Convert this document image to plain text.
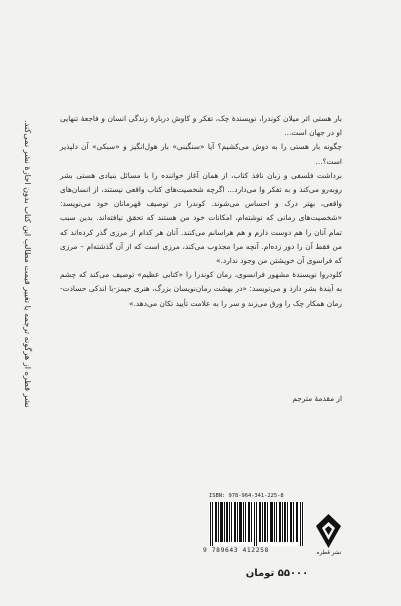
نشر قطره از هرگونه ترجمه یا تغییر قیمت مطالب این کتاب بدون اجازهٔ نشر نمی‌کند.

بار هستی اثر میلان کوندرا، نویسندهٔ چک، تفکر و کاوش دربارهٔ زندگی انسان و فاجعهٔ تنهایی او در جهان است...

چگونه بار هستی را به دوش می‌کشیم؟ آیا «سنگینی» بار هول‌انگیز و «سبکی» آن دلپذیر است؟...

برداشت فلسفی و زبان نافذ کتاب، از همان آغاز خواننده را با مسائل بنیادی هستی بشر روبه‌رو می‌کند و به تفکر وا می‌دارد... اگرچه شخصیت‌های کتاب واقعی نیستند، از انسان‌های واقعی، بهتر درک و احساس می‌شوند. کوندرا در توصیف قهرمانان خود می‌نویسد: «شخصیت‌های رمانی که نوشته‌ام، امکانات خود من هستند که تحقق نیافته‌اند. بدین سبب تمام آنان را هم دوست دارم و هم هراسانم می‌کنند. آنان هر کدام از مرزی گذر کرده‌اند که من فقط آن را دور زده‌ام. آنچه مرا مجذوب می‌کند، مرزی است که از آن گذشته‌ام – مرزی که فراسوی آن خویشتن من وجود ندارد.»

کلودروا نویسندهٔ مشهور فرانسوی، رمان کوندرا را «کتابی عظیم» توصیف می‌کند که چشم به آیندهٔ بشر دارد و می‌نویسد: «در بهشت رمان‌نویسان بزرگ، هنری جیمز-با اندکی حسادت- رمان همکار چک را ورق می‌زند و سر را به علامت تأیید تکان می‌دهد.»

از مقدمهٔ مترجم
ISBN: 978-964-341-225-8
9 789643 412258	نشر قطره
۵۵۰۰۰ تومان
